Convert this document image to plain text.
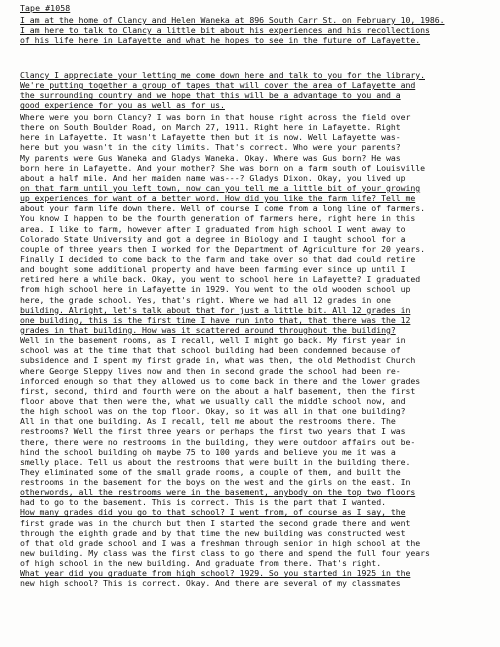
Tape #1058
I am at the home of Clancy and Helen Waneka at 896 South Carr St. on February 10, 1986.
I am here to talk to Clancy a little bit about his experiences and his recollections
of his life here in Lafayette and what he hopes to see in the future of Lafayette.
Clancy I appreciate your letting me come down here and talk to you for the library.
We're putting together a group of tapes that will cover the area of Lafayette and
the surrounding country and we hope that this will be a advantage to you and a
good experience for you as well as for us.
Where were you born Clancy? I was born in that house right across the field over
there on South Boulder Road, on March 27, 1911. Right here in Lafayette. Right
here in Lafayette. It wasn't Lafayette then but it is now. Well Lafayette was-
here but you wasn't in the city limits. That's correct. Who were your parents?
My parents were Gus Waneka and Gladys Waneka. Okay. Where was Gus born? He was
born here in Lafayette. And your mother? She was born on a farm south of Louisville
about a half mile. And her maiden name was---? Gladys Dixon. Okay, you lived up
on that farm until you left town, now can you tell me a little bit of your growing
up experiences for want of a better word. How did you like the farm life? Tell me
about your farm life down there. Well of course I come from a long line of farmers.
You know I happen to be the fourth generation of farmers here, right here in this
area. I like to farm, however after I graduated from high school I went away to
Colorado State University and got a degree in Biology and I taught school for a
couple of three years then I worked for the Department of Agriculture for 20 years.
Finally I decided to come back to the farm and take over so that dad could retire
and bought some additional property and have been farming ever since up until I
retired here a while back. Okay, you went to school here in Lafayette? I graduated
from high school here in Lafayette in 1929. You went to the old wooden school up
here, the grade school. Yes, that's right. Where we had all 12 grades in one
building. Alright, let's talk about that for just a little bit. All 12 grades in
one building, this is the first time I have run into that, that there was the 12
grades in that building. How was it scattered around throughout the building?
Well in the basement rooms, as I recall, well I might go back. My first year in
school was at the time that that school building had been condemned because of
subsidence and I spent my first grade in, what was then, the old Methodist Church
where George Sleppy lives now and then in second grade the school had been re-
inforced enough so that they allowed us to come back in there and the lower grades
first, second, third and fourth were on the about a half basement, then the first
floor above that then were the, what we usually call the middle school now, and
the high school was on the top floor. Okay, so it was all in that one building?
All in that one building. As I recall, tell me about the restrooms there. The
restrooms? Well the first three years or perhaps the first two years that I was
there, there were no restrooms in the building, they were outdoor affairs out be-
hind the school building oh maybe 75 to 100 yards and believe you me it was a
smelly place. Tell us about the restrooms that were built in the building there.
They eliminated some of the small grade rooms, a couple of them, and built the
restrooms in the basement for the boys on the west and the girls on the east. In
otherwords, all the restrooms were in the basement, anybody on the top two floors
had to go to the basement. This is correct. This is the part that I wanted.
How many grades did you go to that school? I went from, of course as I say, the
first grade was in the church but then I started the second grade there and went
through the eighth grade and by that time the new building was constructed west
of that old grade school and I was a freshman through senior in high school at the
new building. My class was the first class to go there and spend the full four years
of high school in the new building. And graduate from there. That's right.
What year did you graduate from high school? 1929. So you started in 1925 in the
new high school? This is correct. Okay. And there are several of my classmates
